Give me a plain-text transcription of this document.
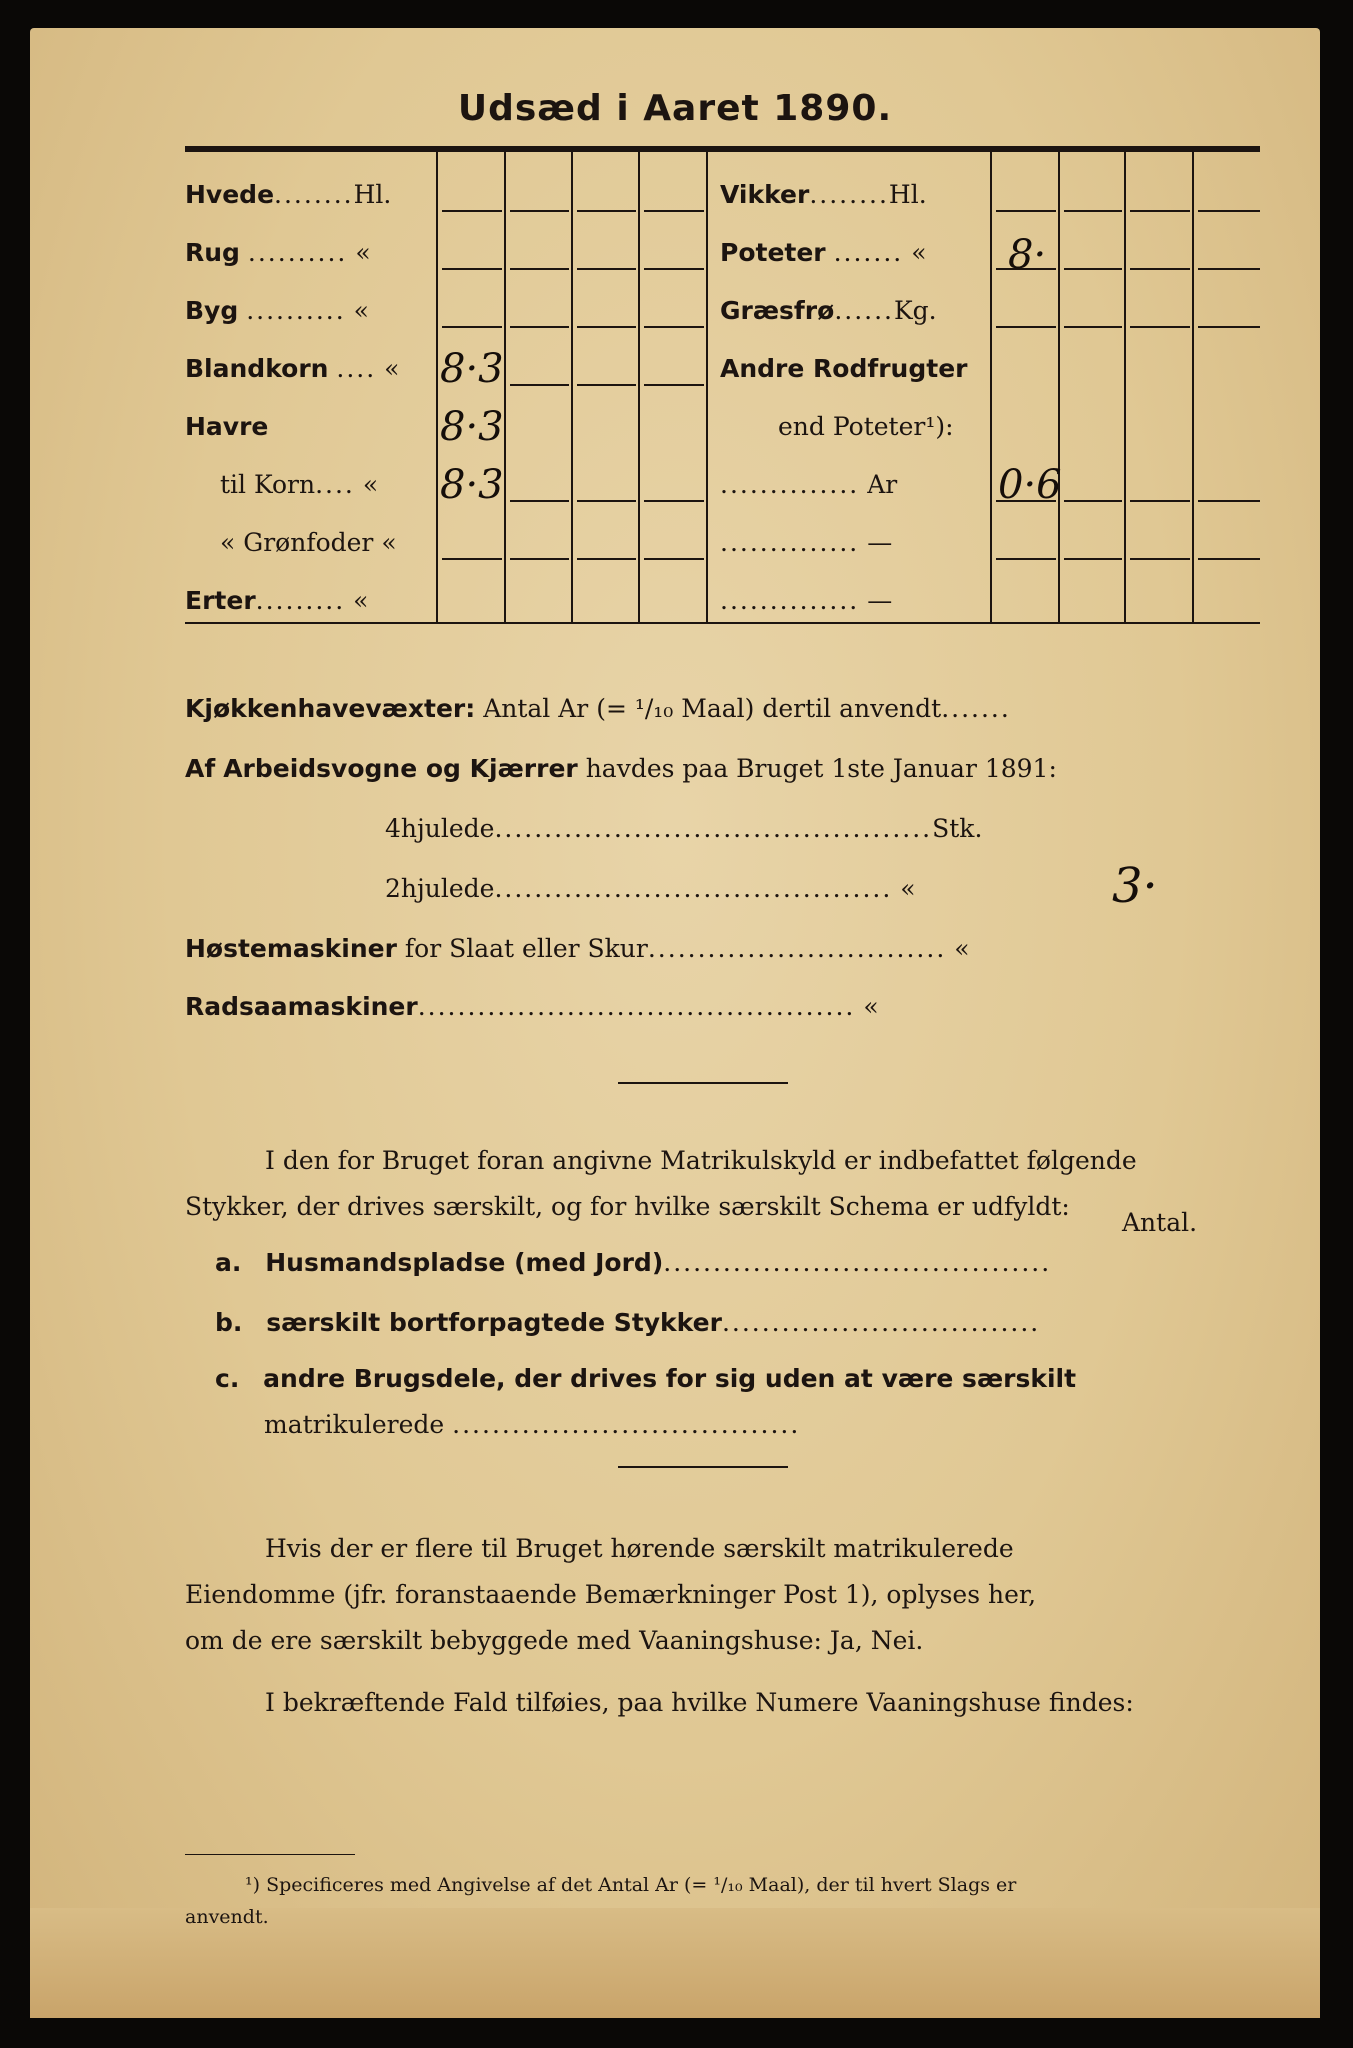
Udsæd i Aaret 1890.
Hvede........Hl.
Rug .......... «
Byg .......... «
Blandkorn .... «
Havre
til Korn.... «
« Grønfoder «
Erter......... «
8·3
8·3
8·3
Vikker........Hl.
Poteter ....... «
Græsfrø......Kg.
Andre Rodfrugter
end Poteter¹):
.............. Ar
.............. —
.............. —
8·
0·6
Kjøkkenhavevæxter: Antal Ar (= ¹/₁₀ Maal) dertil anvendt.......
Af Arbeidsvogne og Kjærrer havdes paa Bruget 1ste Januar 1891:
4hjulede............................................Stk.
2hjulede........................................ «	3·
Høstemaskiner for Slaat eller Skur.............................. «
Radsaamaskiner............................................ «
I den for Bruget foran angivne Matrikulskyld er indbefattet følgende
Stykker, der drives særskilt, og for hvilke særskilt Schema er udfyldt:
Antal.
a. Husmandspladse (med Jord).......................................
b. særskilt bortforpagtede Stykker................................
c. andre Brugsdele, der drives for sig uden at være særskilt
matrikulerede ...................................
Hvis der er flere til Bruget hørende særskilt matrikulerede
Eiendomme (jfr. foranstaaende Bemærkninger Post 1), oplyses her,
om de ere særskilt bebyggede med Vaaningshuse: Ja, Nei.
I bekræftende Fald tilføies, paa hvilke Numere Vaaningshuse findes:
¹) Specificeres med Angivelse af det Antal Ar (= ¹/₁₀ Maal), der til hvert Slags er
anvendt.
